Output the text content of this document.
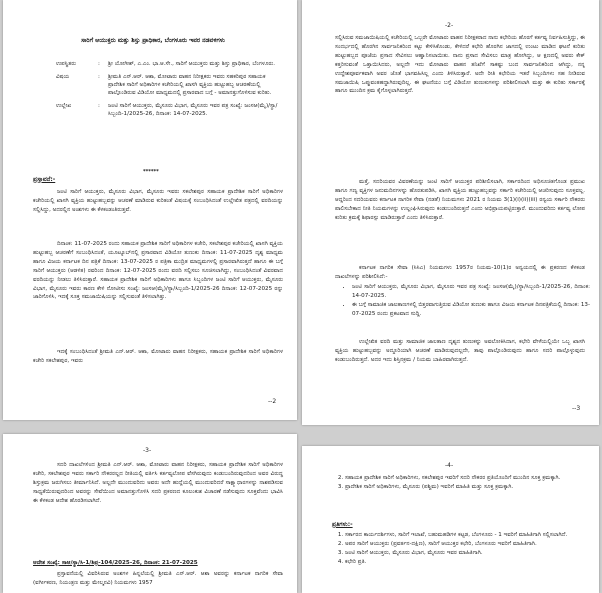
ಸಾರಿಗೆ ಆಯುಕ್ತರು ಮತ್ತು ಶಿಸ್ತು ಪ್ರಾಧಿಕಾರ, ಬೆಂಗಳೂರು ಇವರ ನಡವಳಿಗಳು
ಉಪಸ್ಥಿತರು	:	ಶ್ರೀ ಯೋಗೀಶ್, ಎ.ಎಂ. ಭಾ.ಆ.ಸೇ., ಸಾರಿಗೆ ಆಯುಕ್ತರು ಮತ್ತು ಶಿಸ್ತು ಪ್ರಾಧಿಕಾರ, ಬೆಂಗಳೂರು.
ವಿಷಯ	:	ಶ್ರೀಮತಿ ಎನ್.ಆರ್. ಆಶಾ, ಮೋಟಾರು ವಾಹನ ನಿರೀಕ್ಷಕರು ಇವರು ಸಹಕರಿಪುರ ಸಹಾಯಕ ಪ್ರಾದೇಶಿಕ ಸಾರಿಗೆ ಅಧಿಕಾರಿಗಳ ಕಚೇರಿಯಲ್ಲಿ ಖಾಸಗಿ ವ್ಯಕ್ತಿಯ ಹುಟ್ಟುಹಬ್ಬ ಆಚರಣೆಯಲ್ಲಿ ಪಾಲ್ಗೊಂಡಿರುವ ವಿಡಿಯೋ ಮಾಧ್ಯಮದಲ್ಲಿ ಪ್ರಸಾರವಾದ ಬಗ್ಗೆ - ಅಮಾನತ್ತುಗೊಳಿಸುವ ಕುರಿತು.
ಉಲ್ಲೇಖ	:	ಜಂಟಿ ಸಾರಿಗೆ ಆಯುಕ್ತರು, ಮೈಸೂರು ವಿಭಾಗ, ಮೈಸೂರು ಇವರ ಪತ್ರ ಸಂಖ್ಯೆ: ಜಂಸಆ(ಮೈ)/ಸ್ಥಾ/ಸಿಬ್ಬಂದಿ-1/2025-26, ದಿನಾಂಕ: 14-07-2025.
******
ಪ್ರಸ್ತಾವನೆ:-
ಜಂಟಿ ಸಾರಿಗೆ ಆಯುಕ್ತರು, ಮೈಸೂರು ವಿಭಾಗ, ಮೈಸೂರು ಇವರು ಸಕಲೇಶಪುರ ಸಹಾಯಕ ಪ್ರಾದೇಶಿಕ ಸಾರಿಗೆ ಅಧಿಕಾರಿಗಳ ಕಚೇರಿಯಲ್ಲಿ ಖಾಸಗಿ ವ್ಯಕ್ತಿಯ ಹುಟ್ಟುಹಬ್ಬವನ್ನು ಆಚರಣೆ ಮಾಡಿರುವ ಕುರಿತಂತೆ ವಿಷಯಕ್ಕೆ ಸಂಬಂಧಿಸಿದಂತೆ ಉಲ್ಲೇಖಿತ ಪತ್ರದಲ್ಲಿ ವರದಿಯನ್ನು ಸಲ್ಲಿಸಿದ್ದು, ಅದರಲ್ಲಿನ ಅಂಶಗಳು ಈ ಕೆಳಕಂಡಂತಿರುತ್ತವೆ.
ದಿನಾಂಕ: 11-07-2025 ರಂದು ಸಹಾಯಕ ಪ್ರಾದೇಶಿಕ ಸಾರಿಗೆ ಅಧಿಕಾರಿಗಳ ಕಚೇರಿ, ಸಕಲೇಶಪುರ ಕಚೇರಿಯಲ್ಲಿ ಖಾಸಗಿ ವ್ಯಕ್ತಿಯ ಹುಟ್ಟುಹಬ್ಬ ಆಚರಣೆಗೆ ಸಂಬಂಧಿಸಿದಂತೆ, ಯೂಟ್ಯೂಬ್‌ನಲ್ಲಿ ಪ್ರಸಾರವಾದ ವಿಡಿಯೋ ತುಣುಕು ದಿನಾಂಕ: 11-07-2025 ದೃಶ್ಯ ಮಾಧ್ಯಮ ಹಾಗೂ ವಿಜಯ ಕರ್ನಾಟಕ ದಿನ ಪತ್ರಿಕೆ ದಿನಾಂಕ: 13-07-2025 ರ ಪತ್ರಿಕಾ ಮುದ್ರಿತ ಮಾಧ್ಯಮಗಳಲ್ಲಿ ಪ್ರಸಾರವಾಗಿರುತ್ತದೆ ಹಾಗೂ ಈ ಬಗ್ಗೆ ಸಾರಿಗೆ ಆಯುಕ್ತರು (ಆಡಳಿತ) ರವರಿಂದ ದಿನಾಂಕ: 12-07-2025 ರಂದು ವರದಿ ಸಲ್ಲಿಸಲು ಸೂಚಿಸಲಾಗಿದ್ದು, ಸಂಬಂಧಿಸಿದಂತೆ ವಿವರವಾದ ವರದಿಯನ್ನು ನೀಡಲು ತಿಳಿಸಿರುತ್ತಾರೆ. ಸಹಾಯಕ ಪ್ರಾದೇಶಿಕ ಸಾರಿಗೆ ಅಧಿಕಾರಿಗಳು ಹಾಗೂ ಸಿಬ್ಬಂದಿಗಳ ಜಂಟಿ ಸಾರಿಗೆ ಆಯುಕ್ತರು, ಮೈಸೂರು ವಿಭಾಗ, ಮೈಸೂರು ಇವರು ಕಾರಣ ಕೇಳಿ ನೋಟೀಸು ಸಂಖ್ಯೆ: ಜಂಸಆ(ಮೈ)/ಸ್ಥಾ/ಸಿಬ್ಬಂದಿ-1/2025-26 ದಿನಾಂಕ: 12-07-2025 ರನ್ನು ಜಾರಿಗೊಳಿಸಿ, ಇದಕ್ಕೆ ಸೂಕ್ತ ಸಮಜಾಯಿಷಿಯನ್ನು ಸಲ್ಲಿಸುವಂತೆ ತಿಳಿಸಲಾಗಿತ್ತು.
ಇದಕ್ಕೆ ಸಂಬಂಧಿಸಿದಂತೆ ಶ್ರೀಮತಿ ಎನ್.ಆರ್. ಆಶಾ, ಮೋಟಾರು ವಾಹನ ನಿರೀಕ್ಷಕರು, ಸಹಾಯಕ ಪ್ರಾದೇಶಿಕ ಸಾರಿಗೆ ಅಧಿಕಾರಿಗಳ ಕಚೇರಿ ಸಕಲೇಶಪುರ, ಇವರು
--2
-2-
ಸಲ್ಲಿಸಿರುವ ಸಮಜಾಯಿಷಿಯಲ್ಲಿ ಕಚೇರಿಯಲ್ಲಿ ಒಬ್ಬರೇ ಮೋಟಾರು ವಾಹನ ನಿರೀಕ್ಷಕರಾದ ನಾನು ಕಛೇರಿಯ ಹೊರಗೆ ಕರ್ತವ್ಯ ನಿರ್ವಹಿಸುತ್ತಿದ್ದು, ಈ ಸಂದರ್ಭದಲ್ಲಿ ಹೊರಗಿನ ಸಾರ್ವಜನಿಕರಿಂದ ಕಟ್ಟು ಕೇಳಿಸಿಕೊಂಡು, ಕೇಳಿದರೆ ಕಛೇರಿ ಹೊರಗಿನ ಜಾಗದಲ್ಲಿ ಉಂಟು ಮಾಡಿದ ಘಟನೆ ಕುರಿತು ಹುಟ್ಟುಹಬ್ಬದ ಪೂಜೆಯ ಪ್ರಸಾದ ಸೇವಿಸಲು ಆಹ್ವಾನಿಸಲಾಯಿತು. ನಾನು ಪ್ರಸಾದ ಸೇವಿಸಲು ಮಾತ್ರ ಹೋಗಿದ್ದು, ಆ ಕ್ಷಣದಲ್ಲಿ ಅವರು ಕೇಕ್ ಕತ್ತರಿಸುವಂತೆ ಒತ್ತಾಯಿಸಿದರು, ಅಲ್ಲದೇ ಇದು ಮೋಟಾರು ವಾಹನ ತನಿಖೆಗೆ ಸಾಕಷ್ಟು ಬಂದ ಸಾರ್ವಜನಿಕರಿಂದ ಆಗಿದ್ದು, ನನ್ನ ಉದ್ದೇಶಪೂರ್ವಕವಾಗಿ ಅವರ ಜೊತೆ ಭಾಗವಹಿಸಿಲ್ಲ ಎಂದು ತಿಳಿಸಿರುತ್ತಾರೆ. ಅದೇ ರೀತಿ ಕಛೇರಿಯ ಇತರೆ ಸಿಬ್ಬಂದಿಗಳು ಸಹ ನೀಡಿರುವ ಸಮಜಾಯಿಷಿ ಒಪ್ಪುವಂತಹದ್ದಾಗಿರುವುದಿಲ್ಲ. ಈ ಘಟನೆಯು ಬಗ್ಗೆ ವಿಡಿಯೋ ತುಣುಕುಗಳನ್ನು ಪರಿಶೀಲಿಸಲಾಗಿ ಮತ್ತು ಈ ಕುರಿತು ಸರ್ಕಾರಕ್ಕೆ ಹಾಗೂ ಮುಂದಿನ ಕ್ರಮ ಕೈಗೊಳ್ಳಲಾಗಿರುತ್ತದೆ.
ಮತ್ತೆ, ಸದರಿಯವರ ವಿವರಣೆಯನ್ನು ಜಂಟಿ ಸಾರಿಗೆ ಆಯುಕ್ತರ ಪರಿಶೀಲಿಸಲಾಗಿ, ಸರ್ಕಾರದಿಂದ ಅಧಿಸೂಚಿತಗೊಂಡ ಪ್ರಮುಖ ಹಾಗೂ ಗಣ್ಯ ವ್ಯಕ್ತಿಗಳ ಜನುಮದಿನಗಳನ್ನು ಹೊರತುಪಡಿಸಿ, ಖಾಸಗಿ ವ್ಯಕ್ತಿಯ ಹುಟ್ಟುಹಬ್ಬವನ್ನು ಸರ್ಕಾರಿ ಕಚೇರಿಯಲ್ಲಿ ಆಚರಿಸುವುದು ಸೂಕ್ತವಲ್ಲ. ಆದ್ದರಿಂದ ಸದರಿಯವರು ಕರ್ನಾಟಕ ನಾಗರಿಕ ಸೇವಾ (ನಡತೆ) ನಿಯಮಗಳು 2021 ರ ನಿಯಮ 3(1)(i)(ii)(iii) ರನ್ವಯ ಸರ್ಕಾರಿ ನೌಕರರು ಪಾಲಿಸಬೇಕಾದ ನೀತಿ ನಿಯಮಗಳನ್ನು ಉಲ್ಲಂಘಿಸಿರುವುದು ಕಂಡುಬಂದಿರುತ್ತದೆ ಎಂದು ಅಭಿಪ್ರಾಯಪಟ್ಟಿರುತ್ತಾರೆ. ಮುಂದುವರಿದು ಕರ್ತವ್ಯ ಲೋಪ ಕುರಿತು ಕ್ರಮಕ್ಕೆ ಶಿಫಾರಸ್ಸು ಮಾಡಿರುತ್ತಾರೆ ಎಂದು ತಿಳಿಸಿರುತ್ತಾರೆ.
ಕರ್ನಾಟಕ ನಾಗರಿಕ ಸೇವಾ (ಸಿಸಿಎ) ನಿಯಮಗಳು 1957ರ ನಿಯಮ-10(1)ರ ಅನ್ವಯದಲ್ಲಿ ಈ ಪ್ರಕರಣದ ಕೆಳಕಂಡ ದಾಖಲೆಗಳನ್ನು ಪರಿಶೀಲಿಸಿದೆ:-
• ಜಂಟಿ ಸಾರಿಗೆ ಆಯುಕ್ತರು, ಮೈಸೂರು ವಿಭಾಗ, ಮೈಸೂರು ಇವರ ಪತ್ರ ಸಂಖ್ಯೆ: ಜಂಸಆ(ಮೈ)/ಸ್ಥಾ/ಸಿಬ್ಬಂದಿ-1/2025-26, ದಿನಾಂಕ: 14-07-2025.
• ಈ ಬಗ್ಗೆ ಸಾಮಾಜಿಕ ಜಾಲತಾಣಗಳಲ್ಲಿ ಬಿತ್ತರವಾಗುತ್ತಿರುವ ವಿಡಿಯೋ ತುಣುಕು ಹಾಗೂ ವಿಜಯ ಕರ್ನಾಟಕ ದಿನಪತ್ರಿಕೆಯಲ್ಲಿ ದಿನಾಂಕ: 13-07-2025 ರಂದು ಪ್ರಕಟವಾದ ಸುದ್ದಿ.
ಉಲ್ಲೇಖಿತ ವರದಿ ಮತ್ತು ಸಾಮಾಜಿಕ ಜಾಲತಾಣ ದೃಶ್ಯದ ತುಣುಕನ್ನು ಅವಲೋಕಿಸಿದಾಗ, ಕಛೇರಿ ವೇಳೆಯಲ್ಲಿಯೇ ಒಬ್ಬ ಖಾಸಗಿ ವ್ಯಕ್ತಿಯ ಹುಟ್ಟುಹಬ್ಬವನ್ನು ಅದ್ದೂರಿಯಾಗಿ ಆಚರಣೆ ಮಾಡಿರುವುದಲ್ಲದೇ, ತಾವು ಪಾಲ್ಗೊಂಡಿರುವುದು ಹಾಗೂ ಸದರಿ ಪಾಲ್ಗೊಳ್ಳುವುದು ಕಂಡುಬಂದಿರುತ್ತದೆ. ಅದರ ಇದು ಶಿಸ್ತಿನಕ್ರಮ / ನಿಯಮ ಬಾಹಿರವಾಗಿರುತ್ತದೆ.
--3
-3-
ಸದರಿ ದಾಖಲೆಗಳಿಂದ ಶ್ರೀಮತಿ ಎನ್.ಆರ್. ಆಶಾ, ಮೋಟಾರು ವಾಹನ ನಿರೀಕ್ಷಕರು, ಸಹಾಯಕ ಪ್ರಾದೇಶಿಕ ಸಾರಿಗೆ ಅಧಿಕಾರಿಗಳ ಕಚೇರಿ, ಸಕಲೇಶಪುರ ಇವರು ಸರ್ಕಾರಿ ನೌಕರರಲ್ಲದ ರೀತಿಯಲ್ಲಿ ವರ್ತಿಸಿ ಕರ್ತವ್ಯಲೋಪ ವೆಸಗಿರುವುದು ಕಂಡುಬಂದಿರುವುದರಿಂದ ಅವರ ವಿರುದ್ಧ ಶಿಸ್ತುಕ್ರಮ ಜರುಗಿಸಲು ತೀರ್ಮಾನಿಸಿದೆ. ಅಲ್ಲದೇ ಮುಂದುವರಿದು ಅವರು ಅದೇ ಹುದ್ದೆಯಲ್ಲಿ ಮುಂದುವರಿದರೆ ಸಾಕ್ಷ್ಯಾಧಾರಗಳನ್ನು ನಾಶಪಡಿಸುವ ಸಾಧ್ಯತೆಯಿರುವುದರಿಂದ ಅವರನ್ನು ಸೇವೆಯಿಂದ ಅಮಾನತ್ತುಗೊಳಿಸಿ ಸದರಿ ಪ್ರಕರಣದ ಕೂಲಂಕುಶ ವಿಚಾರಣೆ ನಡೆಸುವುದು ಸೂಕ್ತವೆಂದು ಭಾವಿಸಿ ಈ ಕೆಳಕಂಡ ಆದೇಶ ಹೊರಡಿಸಲಾಗಿದೆ.
ಆದೇಶ ಸಂಖ್ಯೆ: ಸಾಆ/ಸ್ಥಾ/ಸಿ-1/ಶಿಪ್ರ-104/2025-26, ದಿನಾಂಕ: 21-07-2025
ಪ್ರಸ್ತಾವನೆಯಲ್ಲಿ ವಿವರಿಸಿರುವ ಅಂಶಗಳ ಹಿನ್ನಲೆಯಲ್ಲಿ ಶ್ರೀಮತಿ ಎನ್.ಆರ್. ಆಶಾ ಅವರನ್ನು ಕರ್ನಾಟಕ ನಾಗರಿಕ ಸೇವಾ (ವರ್ಗೀಕರಣ, ನಿಯಂತ್ರಣ ಮತ್ತು ಮೇಲ್ಮನವಿ) ನಿಯಮಗಳು 1957
-4-
2. ಸಹಾಯಕ ಪ್ರಾದೇಶಿಕ ಸಾರಿಗೆ ಅಧಿಕಾರಿಗಳು, ಸಕಲೇಶಪುರ ಇವರಿಗೆ ಸದರಿ ನೌಕರರ ಪ್ರತಿಯೊಂದಿಗೆ ಮುಂದಿನ ಸೂಕ್ತ ಕ್ರಮಕ್ಕಾಗಿ.
3. ಪ್ರಾದೇಶಿಕ ಸಾರಿಗೆ ಅಧಿಕಾರಿಗಳು, ಮೈಸೂರು (ಪಶ್ಚಿಮ) ಇವರಿಗೆ ಮಾಹಿತಿ ಮತ್ತು ಸೂಕ್ತ ಕ್ರಮಕ್ಕಾಗಿ.
ಪ್ರತಿಗಳು:-
1. ಸರ್ಕಾರದ ಕಾರ್ಯದರ್ಶಿಗಳು, ಸಾರಿಗೆ ಇಲಾಖೆ, ಬಹುಮಹಡಿಗಳ ಕಟ್ಟಡ, ಬೆಂಗಳೂರು - 1 ಇವರಿಗೆ ಮಾಹಿತಿಗಾಗಿ ಸಲ್ಲಿಸಲಾಗಿದೆ.
2. ಅಪರ ಸಾರಿಗೆ ಆಯುಕ್ತರು (ಪ್ರವರ್ತನ-ದಕ್ಷಿಣ), ಸಾರಿಗೆ ಆಯುಕ್ತರ ಕಛೇರಿ, ಬೆಂಗಳೂರು ಇವರಿಗೆ ಮಾಹಿತಿಗಾಗಿ.
3. ಜಂಟಿ ಸಾರಿಗೆ ಆಯುಕ್ತರು, ಮೈಸೂರು ವಿಭಾಗ, ಮೈಸೂರು ಇವರ ಮಾಹಿತಿಗಾಗಿ.
4. ಕಛೇರಿ ಪ್ರತಿ.
